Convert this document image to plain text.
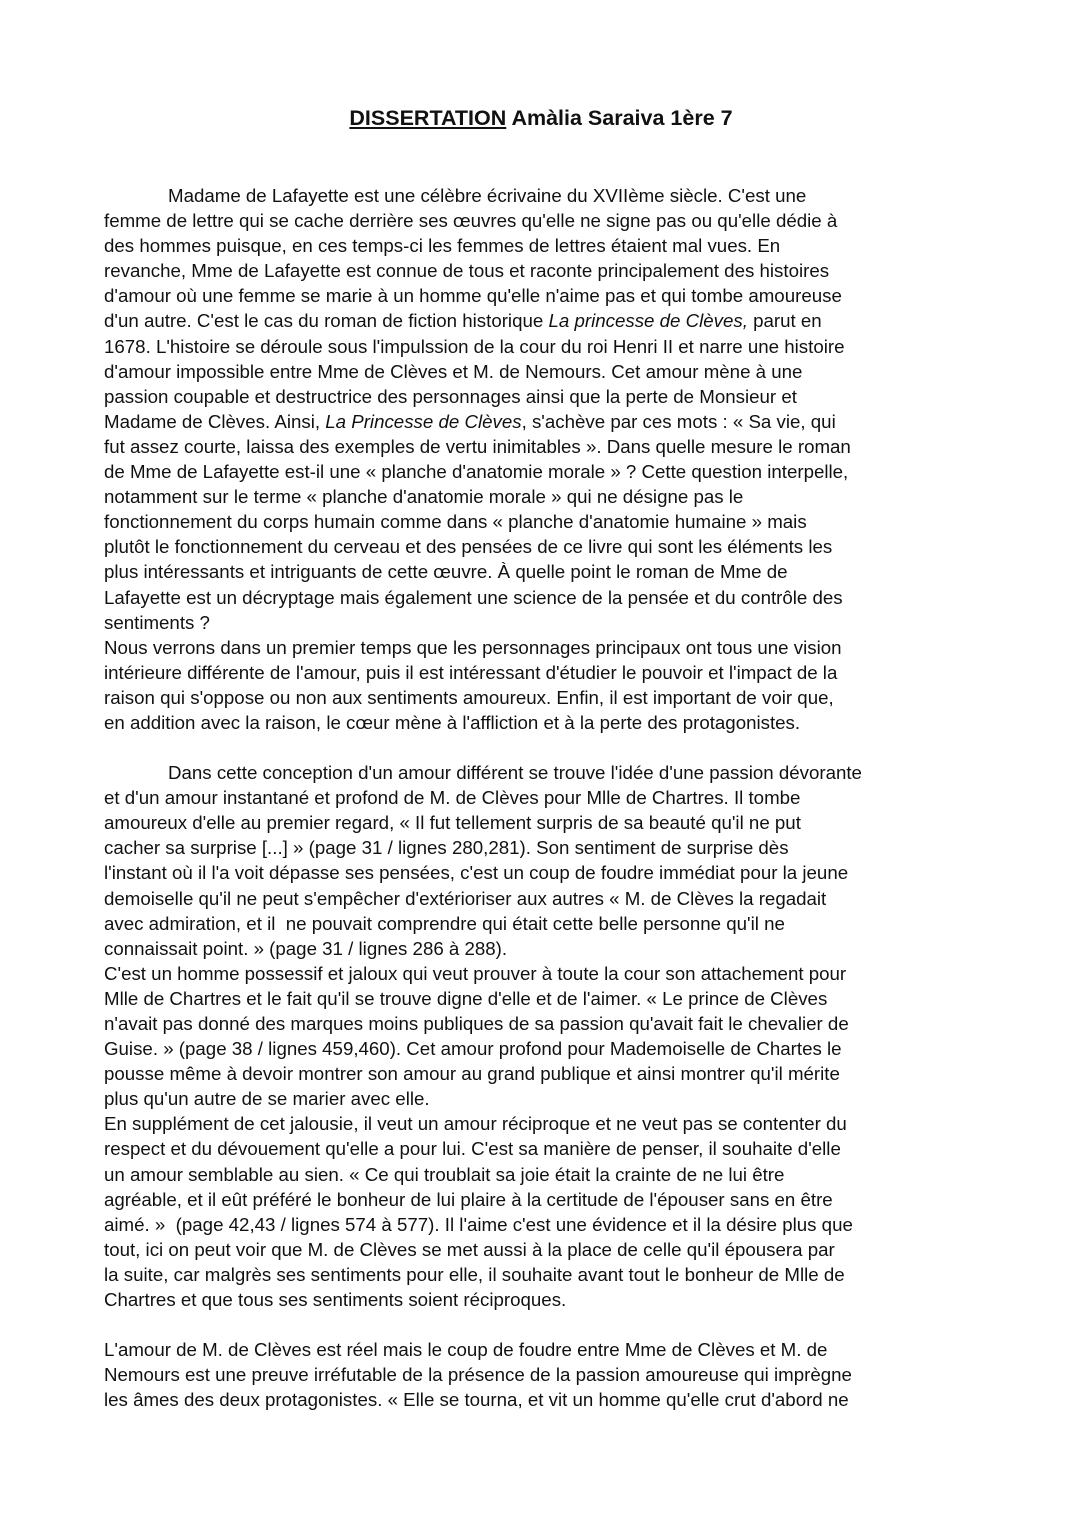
DISSERTATION Amàlia Saraiva 1ère 7
Madame de Lafayette est une célèbre écrivaine du XVIIème siècle. C'est une
femme de lettre qui se cache derrière ses œuvres qu'elle ne signe pas ou qu'elle dédie à
des hommes puisque, en ces temps-ci les femmes de lettres étaient mal vues. En
revanche, Mme de Lafayette est connue de tous et raconte principalement des histoires
d'amour où une femme se marie à un homme qu'elle n'aime pas et qui tombe amoureuse
d'un autre. C'est le cas du roman de fiction historique La princesse de Clèves, parut en
1678. L'histoire se déroule sous l'impulssion de la cour du roi Henri II et narre une histoire
d'amour impossible entre Mme de Clèves et M. de Nemours. Cet amour mène à une
passion coupable et destructrice des personnages ainsi que la perte de Monsieur et
Madame de Clèves. Ainsi, La Princesse de Clèves, s'achève par ces mots : « Sa vie, qui
fut assez courte, laissa des exemples de vertu inimitables ». Dans quelle mesure le roman
de Mme de Lafayette est-il une « planche d'anatomie morale » ? Cette question interpelle,
notamment sur le terme « planche d'anatomie morale » qui ne désigne pas le
fonctionnement du corps humain comme dans « planche d'anatomie humaine » mais
plutôt le fonctionnement du cerveau et des pensées de ce livre qui sont les éléments les
plus intéressants et intriguants de cette œuvre. À quelle point le roman de Mme de
Lafayette est un décryptage mais également une science de la pensée et du contrôle des
sentiments ?
Nous verrons dans un premier temps que les personnages principaux ont tous une vision
intérieure différente de l'amour, puis il est intéressant d'étudier le pouvoir et l'impact de la
raison qui s'oppose ou non aux sentiments amoureux. Enfin, il est important de voir que,
en addition avec la raison, le cœur mène à l'affliction et à la perte des protagonistes.
Dans cette conception d'un amour différent se trouve l'idée d'une passion dévorante
et d'un amour instantané et profond de M. de Clèves pour Mlle de Chartres. Il tombe
amoureux d'elle au premier regard, « Il fut tellement surpris de sa beauté qu'il ne put
cacher sa surprise [...] » (page 31 / lignes 280,281). Son sentiment de surprise dès
l'instant où il l'a voit dépasse ses pensées, c'est un coup de foudre immédiat pour la jeune
demoiselle qu'il ne peut s'empêcher d'extérioriser aux autres « M. de Clèves la regadait
avec admiration, et il  ne pouvait comprendre qui était cette belle personne qu'il ne
connaissait point. » (page 31 / lignes 286 à 288).
C'est un homme possessif et jaloux qui veut prouver à toute la cour son attachement pour
Mlle de Chartres et le fait qu'il se trouve digne d'elle et de l'aimer. « Le prince de Clèves
n'avait pas donné des marques moins publiques de sa passion qu'avait fait le chevalier de
Guise. » (page 38 / lignes 459,460). Cet amour profond pour Mademoiselle de Chartes le
pousse même à devoir montrer son amour au grand publique et ainsi montrer qu'il mérite
plus qu'un autre de se marier avec elle.
En supplément de cet jalousie, il veut un amour réciproque et ne veut pas se contenter du
respect et du dévouement qu'elle a pour lui. C'est sa manière de penser, il souhaite d'elle
un amour semblable au sien. « Ce qui troublait sa joie était la crainte de ne lui être
agréable, et il eût préféré le bonheur de lui plaire à la certitude de l'épouser sans en être
aimé. »  (page 42,43 / lignes 574 à 577). Il l'aime c'est une évidence et il la désire plus que
tout, ici on peut voir que M. de Clèves se met aussi à la place de celle qu'il épousera par
la suite, car malgrès ses sentiments pour elle, il souhaite avant tout le bonheur de Mlle de
Chartres et que tous ses sentiments soient réciproques.
L'amour de M. de Clèves est réel mais le coup de foudre entre Mme de Clèves et M. de
Nemours est une preuve irréfutable de la présence de la passion amoureuse qui imprègne
les âmes des deux protagonistes. « Elle se tourna, et vit un homme qu'elle crut d'abord ne
